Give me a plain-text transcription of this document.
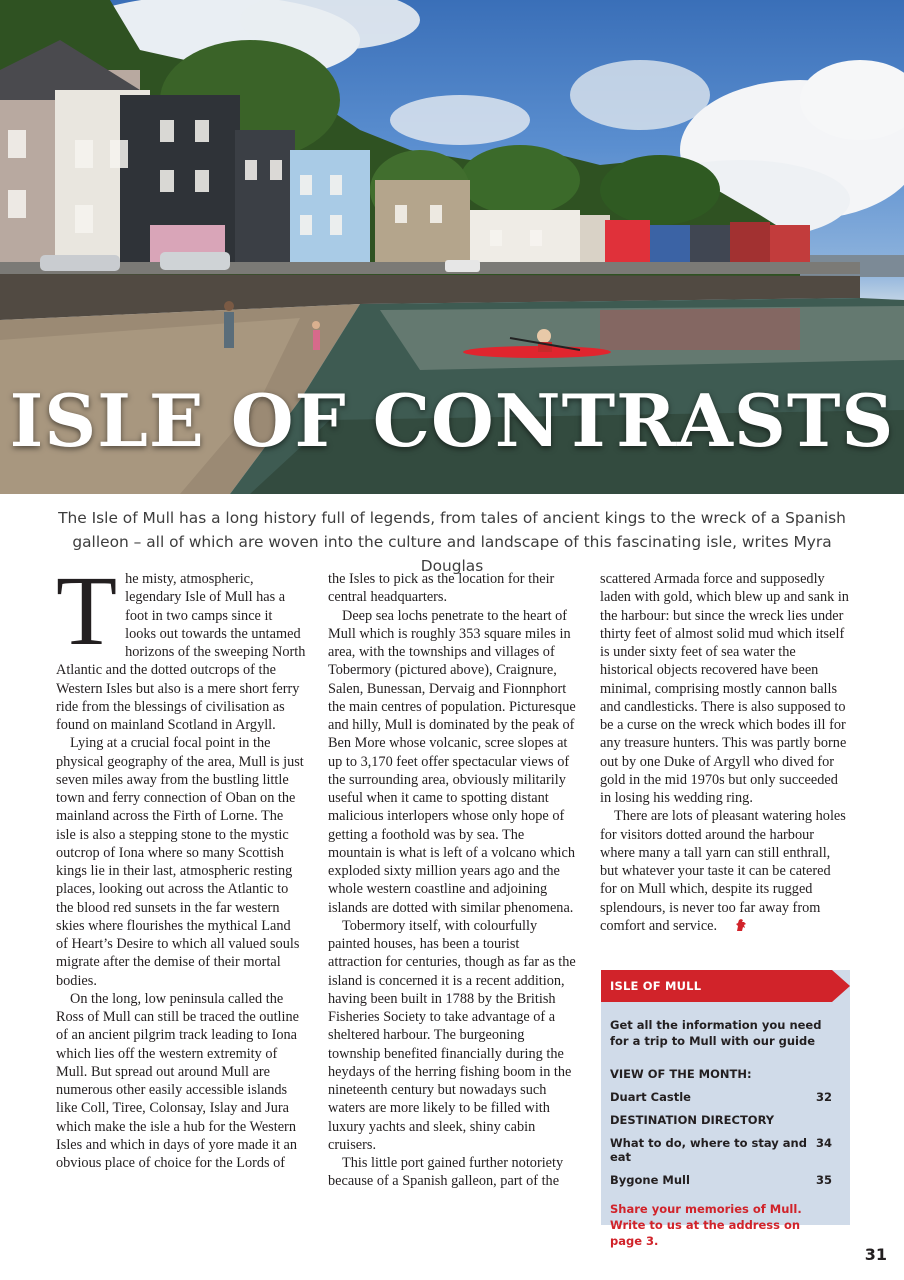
ISLE OF CONTRASTS

The Isle of Mull has a long history full of legends, from tales of ancient kings to the wreck of a Spanish galleon – all of which are woven into the culture and landscape of this fascinating isle, writes Myra Douglas

The misty, atmospheric, legendary Isle of Mull has a foot in two camps since it looks out towards the untamed horizons of the sweeping North Atlantic and the dotted outcrops of the Western Isles but also is a mere short ferry ride from the blessings of civilisation as found on mainland Scotland in Argyll.

Lying at a crucial focal point in the physical geography of the area, Mull is just seven miles away from the bustling little town and ferry connection of Oban on the mainland across the Firth of Lorne. The isle is also a stepping stone to the mystic outcrop of Iona where so many Scottish kings lie in their last, atmospheric resting places, looking out across the Atlantic to the blood red sunsets in the far western skies where flourishes the mythical Land of Heart’s Desire to which all valued souls migrate after the demise of their mortal bodies.

On the long, low peninsula called the Ross of Mull can still be traced the outline of an ancient pilgrim track leading to Iona which lies off the western extremity of Mull. But spread out around Mull are numerous other easily accessible islands like Coll, Tiree, Colonsay, Islay and Jura which make the isle a hub for the Western Isles and which in days of yore made it an obvious place of choice for the Lords of

the Isles to pick as the location for their central headquarters.

Deep sea lochs penetrate to the heart of Mull which is roughly 353 square miles in area, with the townships and villages of Tobermory (pictured above), Craignure, Salen, Bunessan, Dervaig and Fionnphort the main centres of population. Picturesque and hilly, Mull is dominated by the peak of Ben More whose volcanic, scree slopes at up to 3,170 feet offer spectacular views of the surrounding area, obviously militarily useful when it came to spotting distant malicious interlopers whose only hope of getting a foothold was by sea. The mountain is what is left of a volcano which exploded sixty million years ago and the whole western coastline and adjoining islands are dotted with similar phenomena.

Tobermory itself, with colourfully painted houses, has been a tourist attraction for centuries, though as far as the island is concerned it is a recent addition, having been built in 1788 by the British Fisheries Society to take advantage of a sheltered harbour. The burgeoning township benefited financially during the heydays of the herring fishing boom in the nineteenth century but nowadays such waters are more likely to be filled with luxury yachts and sleek, shiny cabin cruisers.

This little port gained further notoriety because of a Spanish galleon, part of the

scattered Armada force and supposedly laden with gold, which blew up and sank in the harbour: but since the wreck lies under thirty feet of almost solid mud which itself is under sixty feet of sea water the historical objects recovered have been minimal, comprising mostly cannon balls and candlesticks. There is also supposed to be a curse on the wreck which bodes ill for any treasure hunters. This was partly borne out by one Duke of Argyll who dived for gold in the mid 1970s but only succeeded in losing his wedding ring.

There are lots of pleasant watering holes for visitors dotted around the harbour where many a tall yarn can still enthrall, but whatever your taste it can be catered for on Mull which, despite its rugged splendours, is never too far away from comfort and service.

Get all the information you need for a trip to Mull with our guide

VIEW OF THE MONTH:

Duart Castle	32

DESTINATION DIRECTORY

What to do, where to stay and eat
34
Bygone Mull	35

Share your memories of Mull.
Write to us at the address on page 3.

ISLE OF MULL
31
